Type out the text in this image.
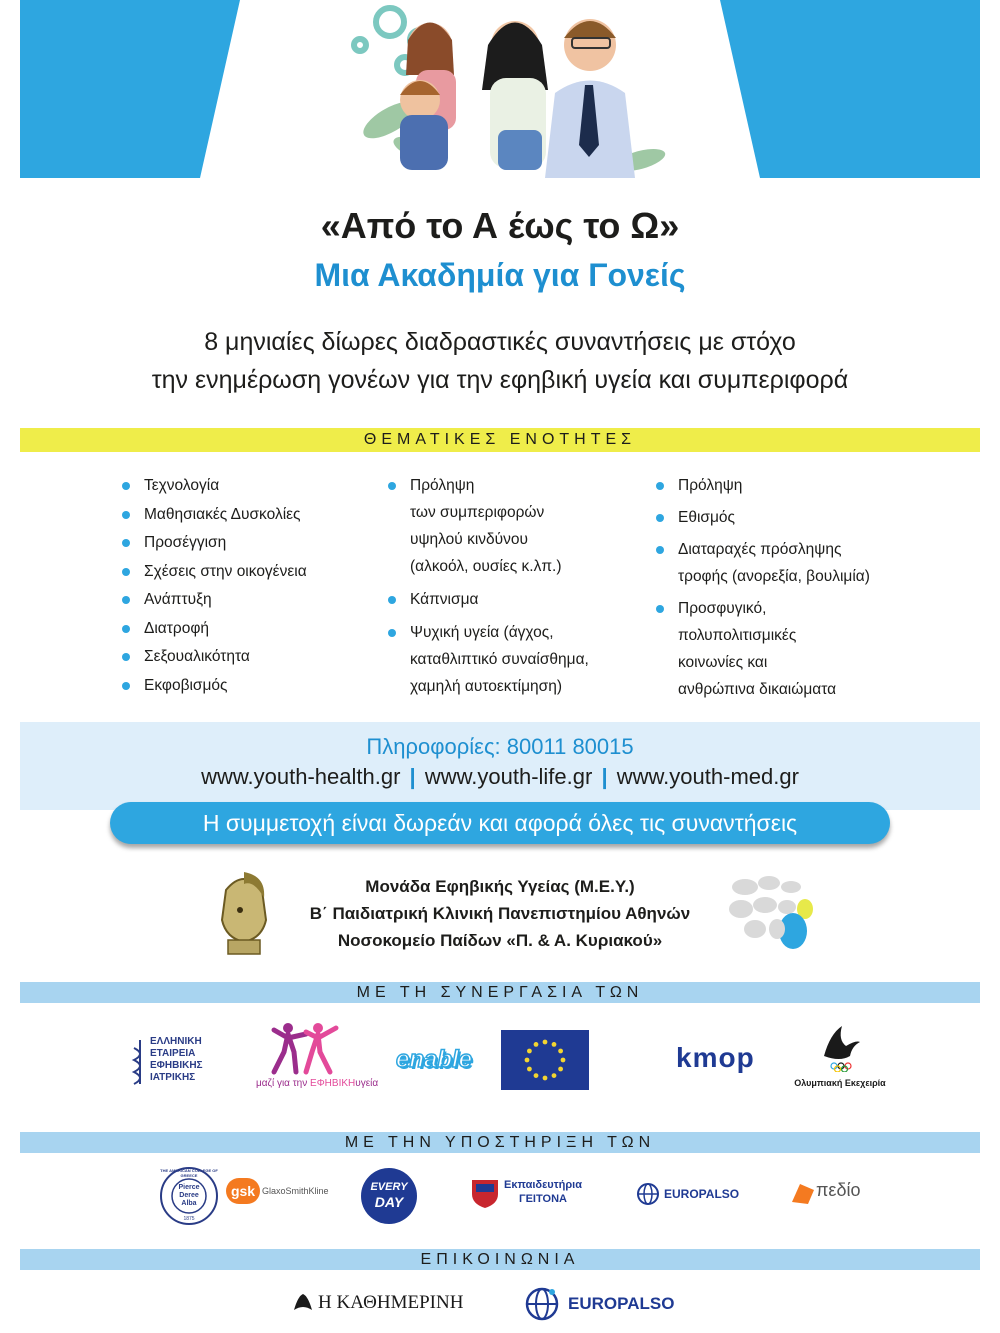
«Από το Α έως το Ω»
Μια Ακαδημία για Γονείς
8 μηνιαίες δίωρες διαδραστικές συναντήσεις με στόχο
την ενημέρωση γονέων για την εφηβική υγεία και συμπεριφορά
ΘΕΜΑΤΙΚΕΣ ΕΝΟΤΗΤΕΣ
Τεχνολογία
Μαθησιακές Δυσκολίες
Προσέγγιση
Σχέσεις στην οικογένεια
Ανάπτυξη
Διατροφή
Σεξουαλικότητα
Εκφοβισμός
Πρόληψη
των συμπεριφορών
υψηλού κινδύνου
(αλκοόλ, ουσίες κ.λπ.)
Κάπνισμα
Ψυχική υγεία (άγχος,
καταθλιπτικό συναίσθημα,
χαμηλή αυτοεκτίμηση)
Πρόληψη
Εθισμός
Διαταραχές πρόσληψης
τροφής (ανορεξία, βουλιμία)
Προσφυγικό,
πολυπολιτισμικές
κοινωνίες και
ανθρώπινα δικαιώματα
Πληροφορίες: 80011 80015
www.youth-health.gr | www.youth-life.gr | www.youth-med.gr
Η συμμετοχή είναι δωρεάν και αφορά όλες τις συναντήσεις
Μονάδα Εφηβικής Υγείας (Μ.Ε.Υ.)
Β΄ Παιδιατρική Κλινική Πανεπιστημίου Αθηνών
Νοσοκομείο Παίδων «Π. & Α. Κυριακού»
ΜΕ ΤΗ ΣΥΝΕΡΓΑΣΙΑ ΤΩΝ
ΕΛΛΗΝΙΚΗ
ΕΤΑΙΡΕΙΑ
ΕΦΗΒΙΚΗΣ
ΙΑΤΡΙΚΗΣ
μαζί για την ΕΦΗΒΙΚΗυγεία
enable	kmop
Ολυμπιακή Εκεχειρία
ΜΕ ΤΗΝ ΥΠΟΣΤΗΡΙΞΗ ΤΩΝ
THE AMERICAN COLLEGE OF GREECE
Pierce
Deree
Alba
1875
gsk GlaxoSmithKline	EVERY
DAY
Εκπαιδευτήρια
ΓΕΙΤΟΝΑ	EUROPALSO	πεδίο
ΕΠΙΚΟΙΝΩΝΙΑ
Η ΚΑΘΗΜΕΡΙΝΗ	EUROPALSO
